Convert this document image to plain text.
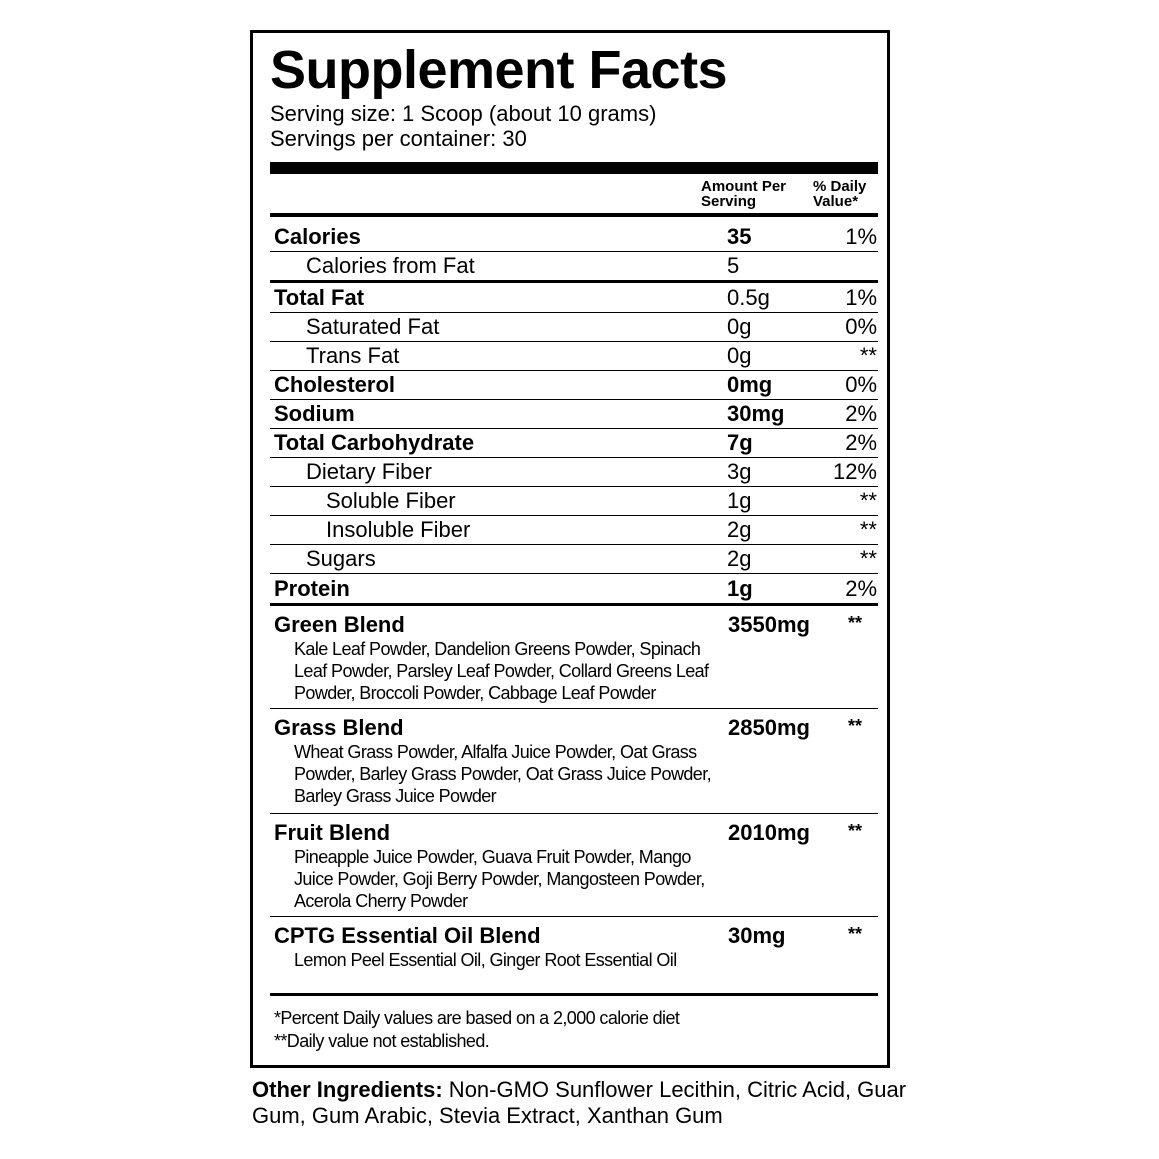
Supplement Facts
Serving size: 1 Scoop (about 10 grams)
Servings per container: 30
Amount Per
Serving
% Daily
Value*
Calories	35	1%
Calories from Fat	5
Total Fat	0.5g	1%
Saturated Fat	0g	0%
Trans Fat	0g	**
Cholesterol	0mg	0%
Sodium	30mg	2%
Total Carbohydrate	7g	2%
Dietary Fiber	3g	12%
Soluble Fiber	1g	**
Insoluble Fiber	2g	**
Sugars	2g	**
Protein	1g	2%
Green Blend	3550mg **
Kale Leaf Powder, Dandelion Greens Powder, Spinach Leaf Powder, Parsley Leaf Powder, Collard Greens Leaf Powder, Broccoli Powder, Cabbage Leaf Powder
Grass Blend	2850mg **
Wheat Grass Powder, Alfalfa Juice Powder, Oat Grass Powder, Barley Grass Powder, Oat Grass Juice Powder, Barley Grass Juice Powder
Fruit Blend	2010mg **
Pineapple Juice Powder, Guava Fruit Powder, Mango Juice Powder, Goji Berry Powder, Mangosteen Powder, Acerola Cherry Powder
CPTG Essential Oil Blend	30mg	**
Lemon Peel Essential Oil, Ginger Root Essential Oil
*Percent Daily values are based on a 2,000 calorie diet
**Daily value not established.
Other Ingredients: Non-GMO Sunflower Lecithin, Citric Acid, Guar Gum, Gum Arabic, Stevia Extract, Xanthan Gum
